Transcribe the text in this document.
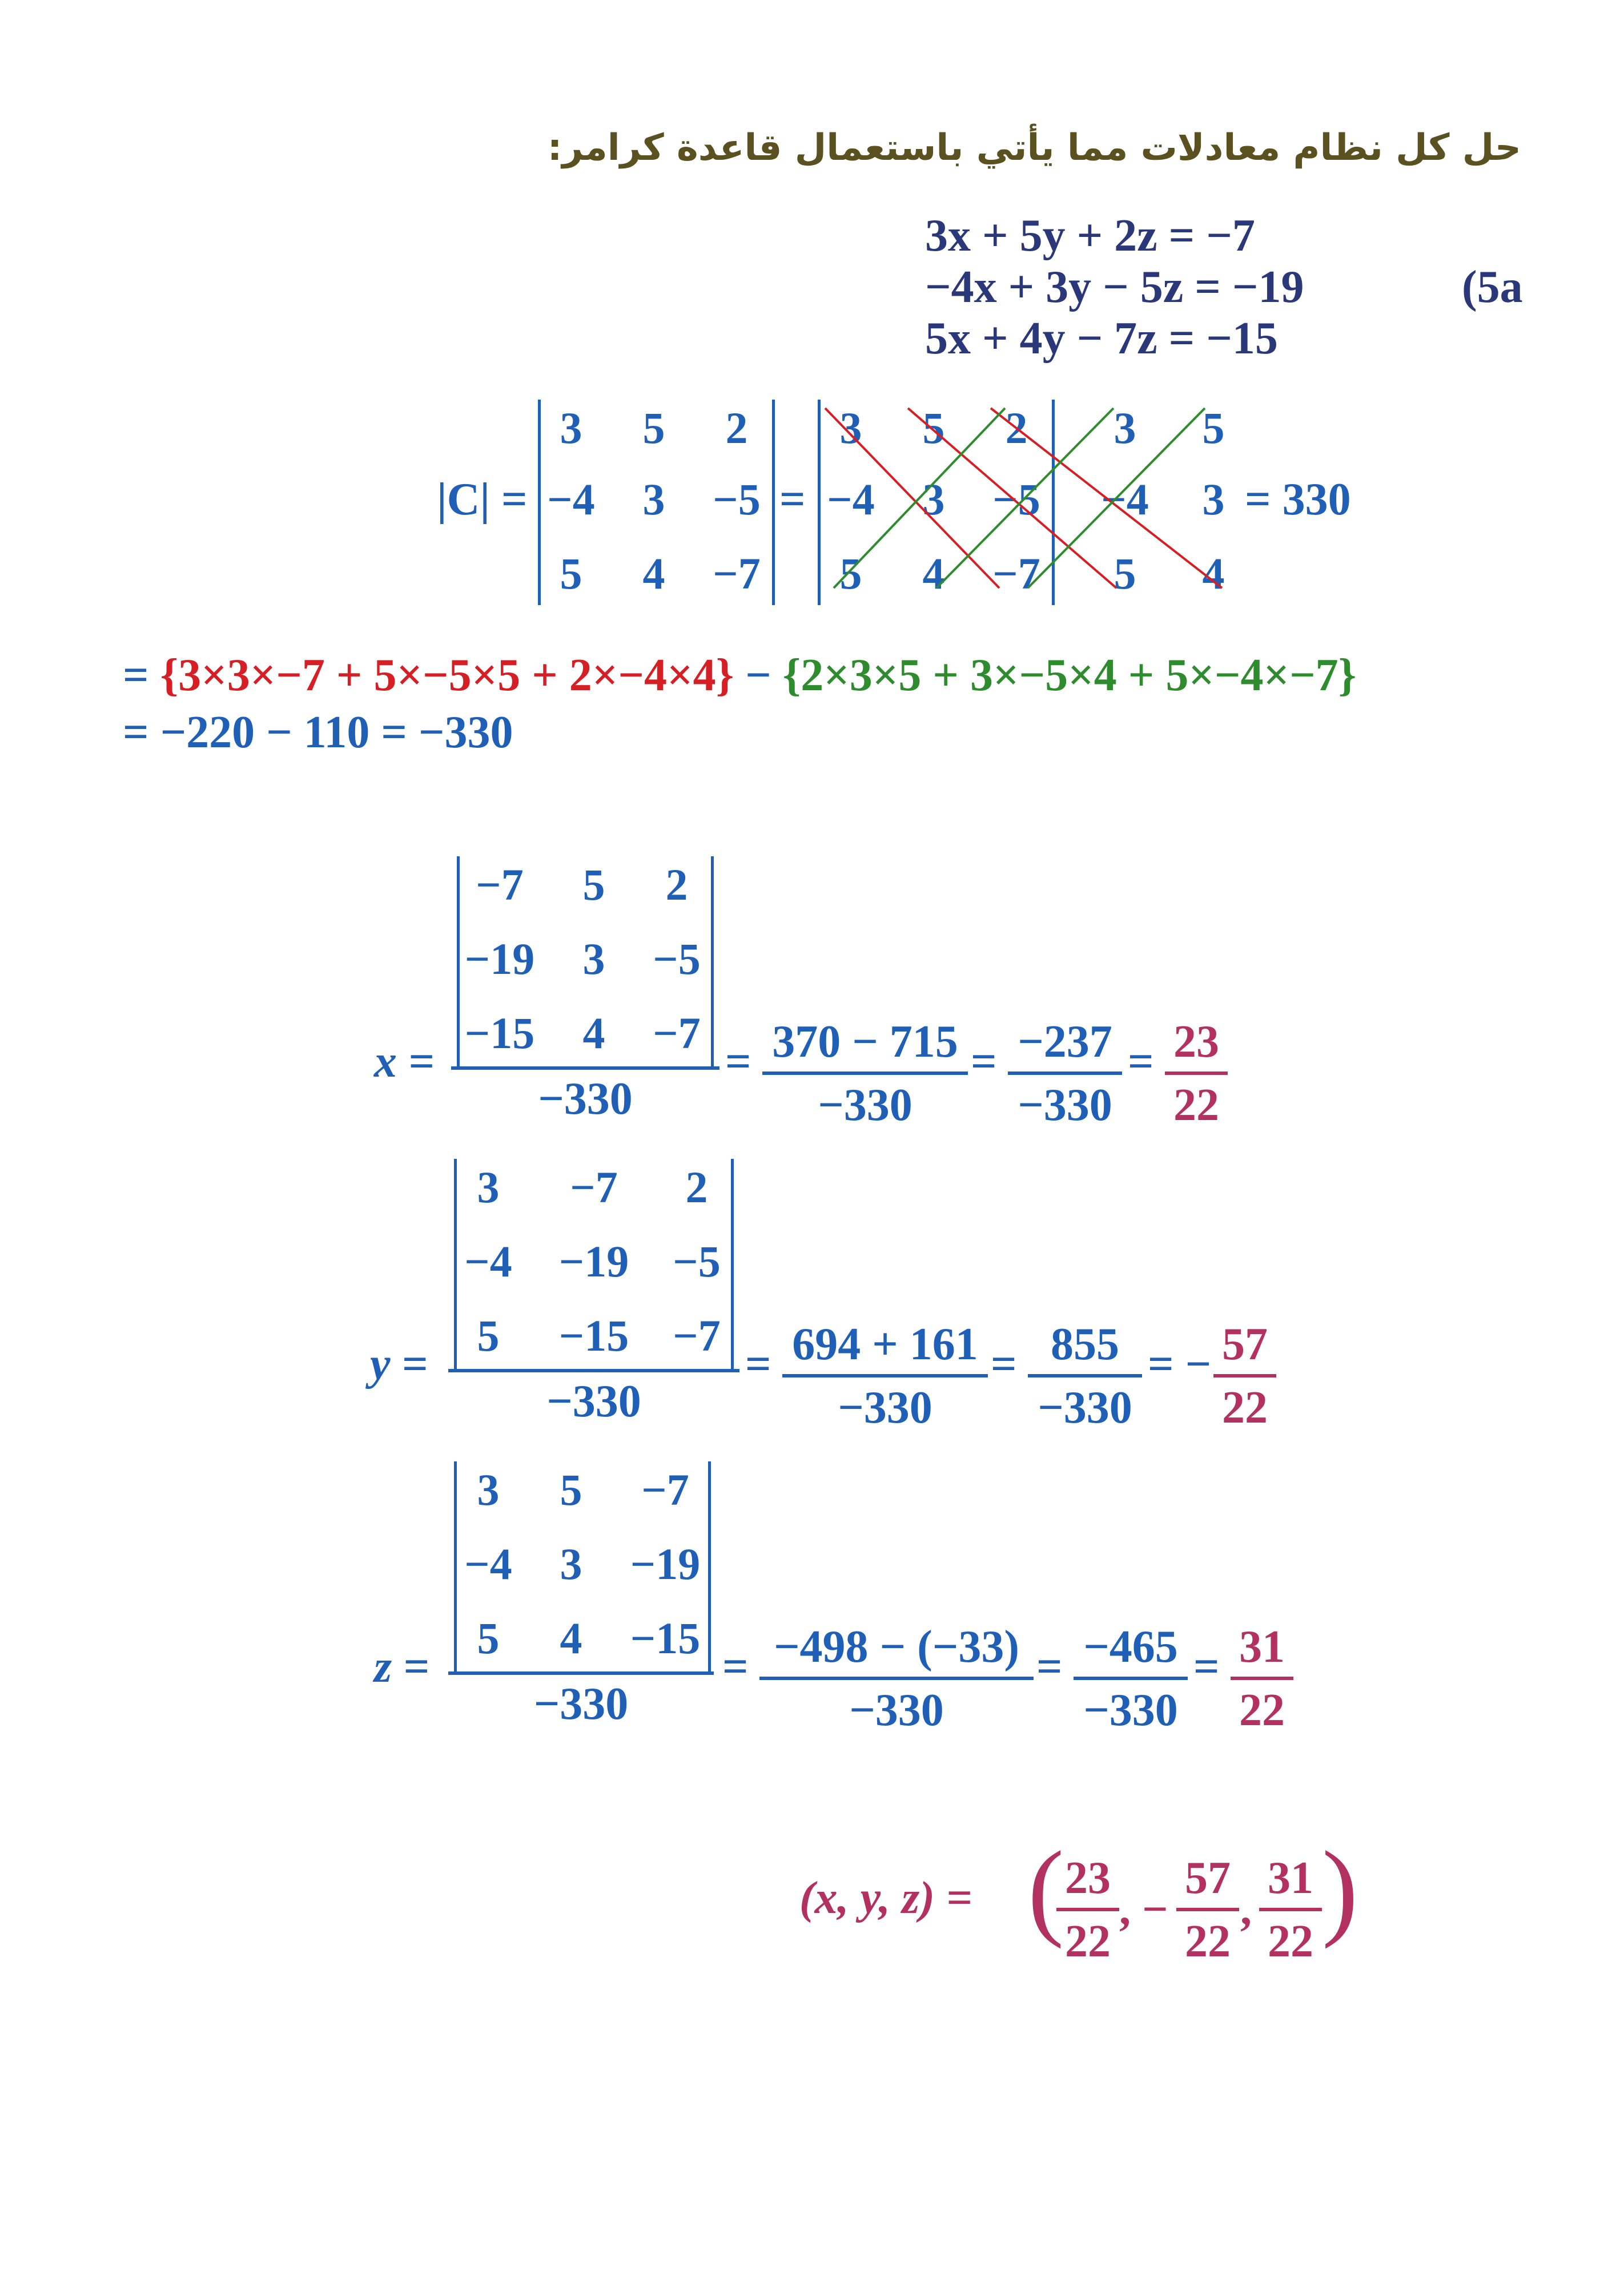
حل كل نظام معادلات مما يأتي باستعمال قاعدة كرامر:
3x + 5y + 2z = −7
−4x + 3y − 5z = −19
5x + 4y − 7z = −15
(5a
|C| =
3	5	2
−4	3	−5
5	4	−7
=
3	5	2
−4	3	−5
5	4	−7
3	5
−4	3
5	4
= 330
= {3×3×−7 + 5×−5×5 + 2×−4×4} − {2×3×5 + 3×−5×4 + 5×−4×−7}
= −220 − 110 = −330
x =
−7	5	2
−19	3	−5
−15	4	−7
−330
= 370 − 715
−330
= −237
−330
= 23
22
y =
3	−7	2
−4 −19 −5
5	−15 −7
−330
= 694 + 161
−330
= 855
−330
= − 57
22
z =
3	5	−7
−4	3	−19
5	4	−15
−330
= −498 − (−33)
−330
= −465
−330
= 31
22
(x, y, z) = ( 23
22
, −
57
22
,
31
22 )
